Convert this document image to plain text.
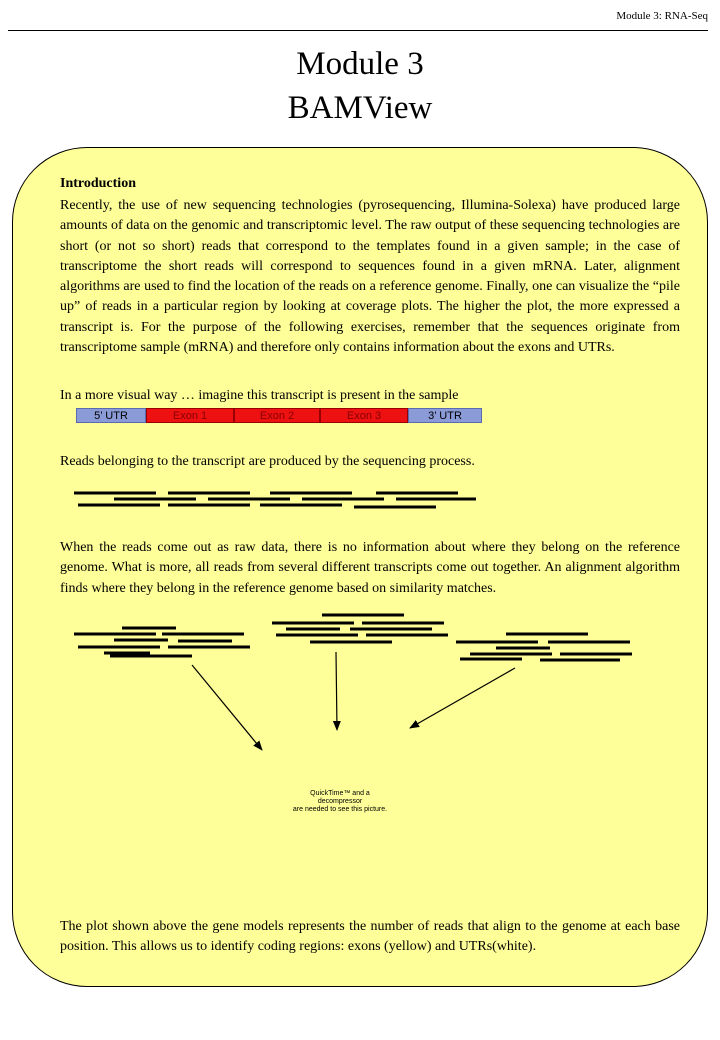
Module 3: RNA-Seq
Module 3
BAMView
Introduction

Recently, the use of new sequencing technologies (pyrosequencing, Illumina-Solexa) have produced large amounts of data on the genomic and transcriptomic level. The raw output of these sequencing technologies are short (or not so short) reads that correspond to the templates found in a given sample; in the case of transcriptome the short reads will correspond to sequences found in a given mRNA. Later, alignment algorithms are used to find the location of the reads on a reference genome. Finally, one can visualize the “pile up” of reads in a particular region by looking at coverage plots. The higher the plot, the more expressed a transcript is. For the purpose of the following exercises, remember that the sequences originate from transcriptome sample (mRNA) and therefore only contains information about the exons and UTRs.

In a more visual way … imagine this transcript is present in the sample

5’ UTR	Exon 1	Exon 2	Exon 3	3’ UTR

Reads belonging to the transcript are produced by the sequencing process.

When the reads come out as raw data, there is no information about where they belong on the reference genome. What is more, all reads from several different transcripts come out together. An alignment algorithm finds where they belong in the reference genome based on similarity matches.

QuickTime™ and a
decompressor
are needed to see this picture.

The plot shown above the gene models represents the number of reads that align to the genome at each base position. This allows us to identify coding regions: exons (yellow) and UTRs(white).
